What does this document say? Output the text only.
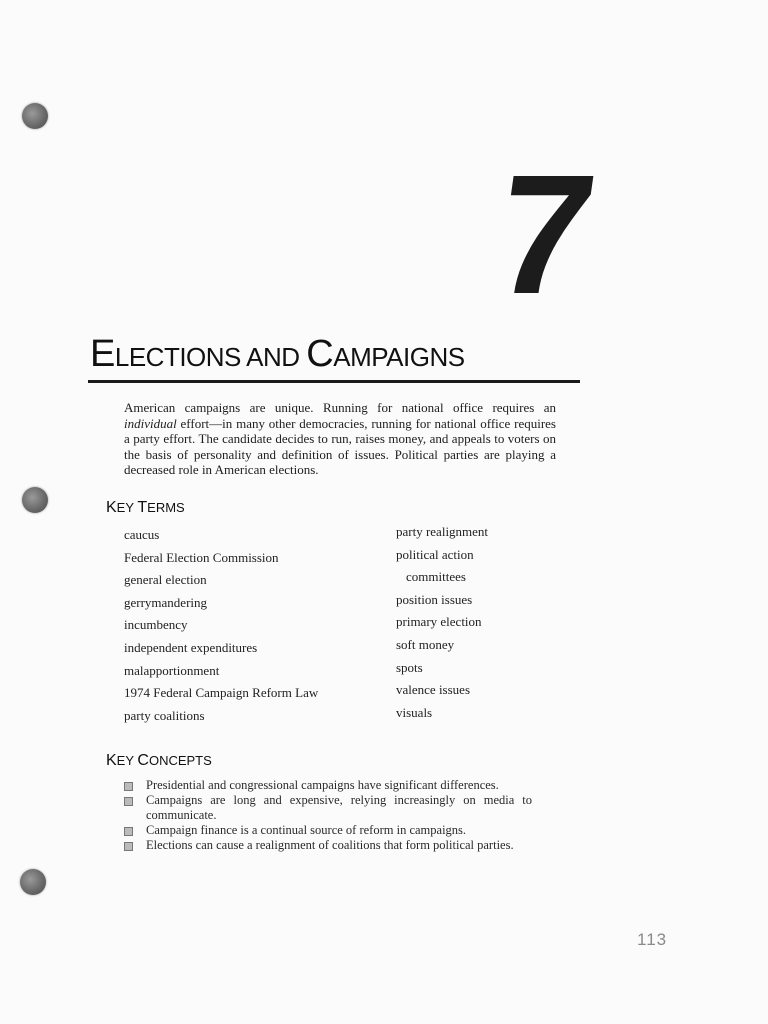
7
ELECTIONS AND CAMPAIGNS

American campaigns are unique. Running for national office requires an individual effort—in many other democracies, running for national office requires a party effort. The candidate decides to run, raises money, and appeals to voters on the basis of personality and definition of issues. Political parties are playing a decreased role in American elections.

KEY TERMS
caucus
Federal Election Commission
general election
gerrymandering
incumbency
independent expenditures
malapportionment
1974 Federal Campaign Reform Law
party coalitions
party realignment
political action
committees
position issues
primary election
soft money
spots
valence issues
visuals
KEY CONCEPTS
Presidential and congressional campaigns have significant differences.
Campaigns are long and expensive, relying increasingly on media to communicate.
Campaign finance is a continual source of reform in campaigns.
Elections can cause a realignment of coalitions that form political parties.
113
